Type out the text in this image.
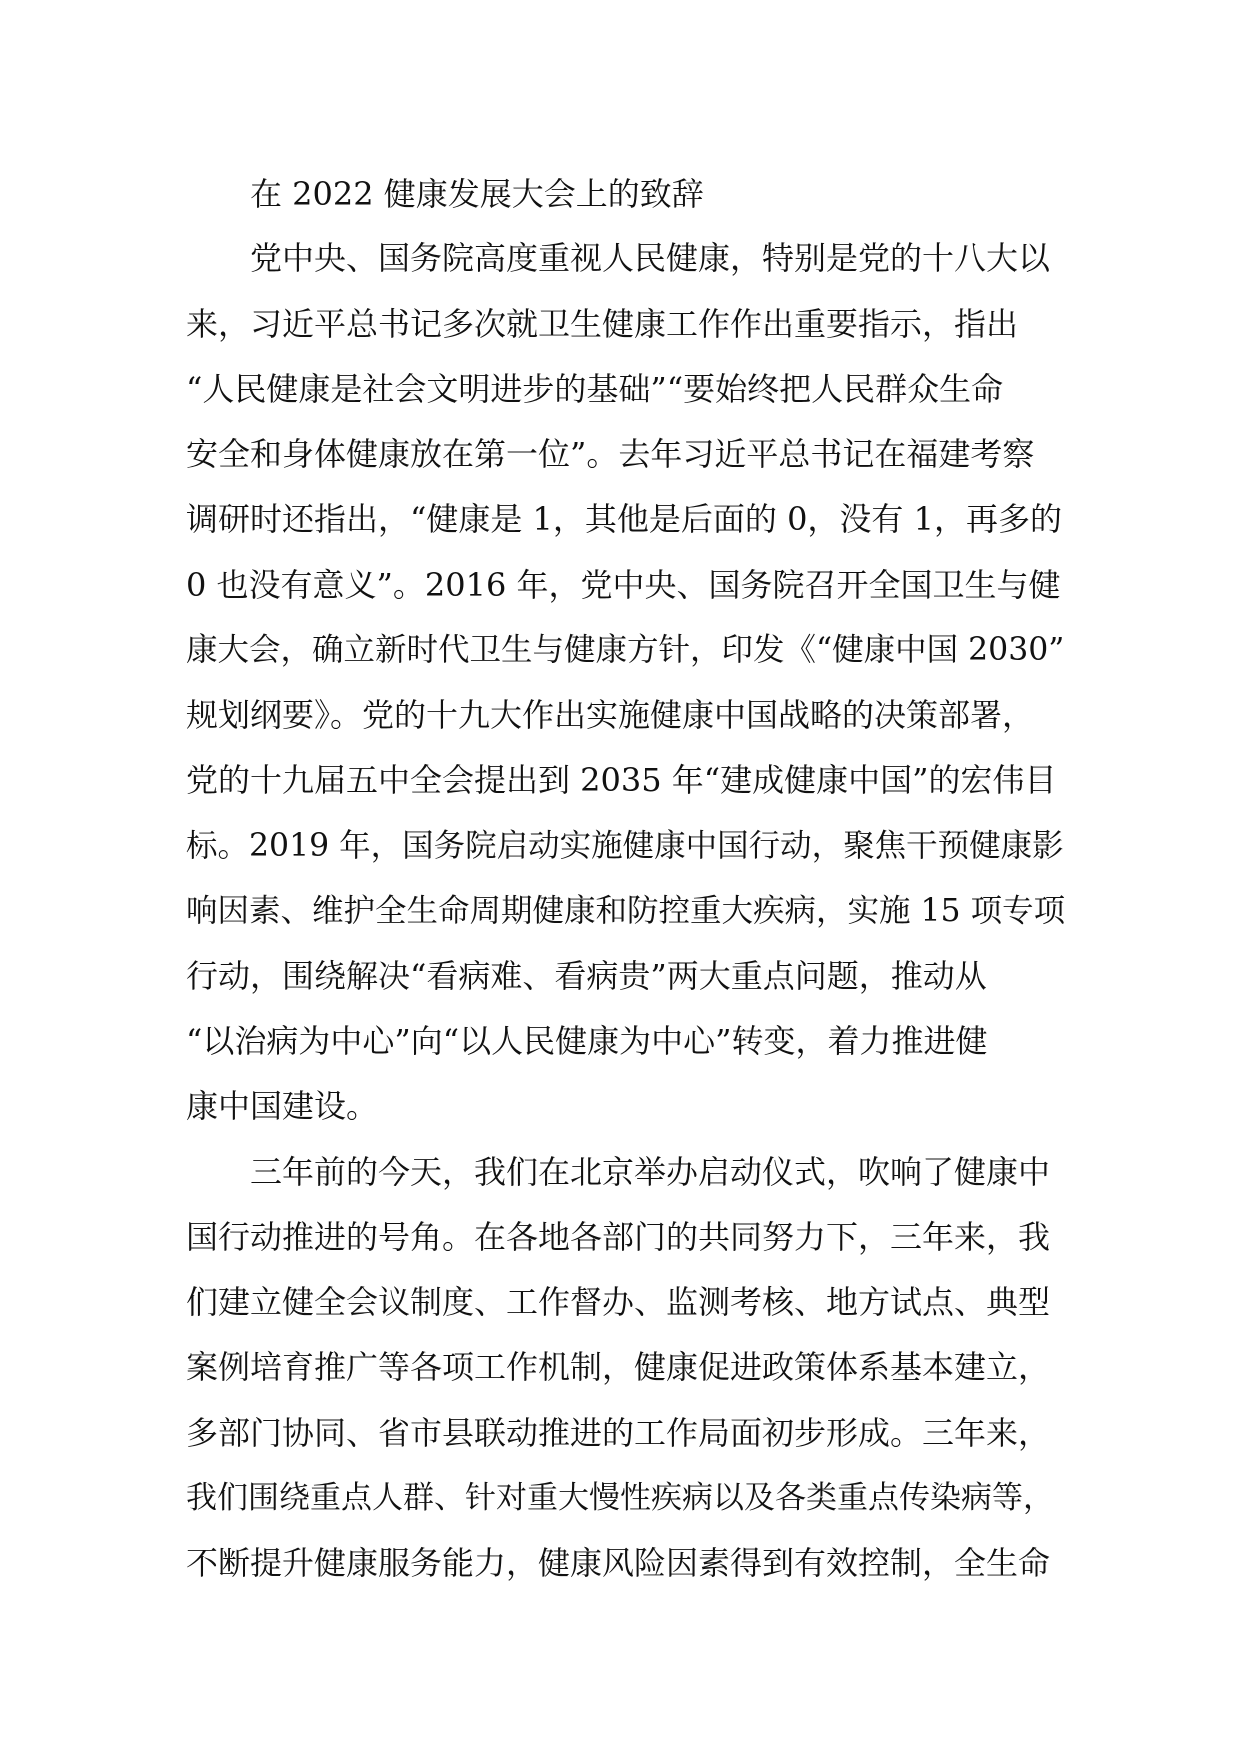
在 2022 健康发展大会上的致辞
党中央、国务院高度重视人民健康，特别是党的十八大以
来，习近平总书记多次就卫生健康工作作出重要指示，指出
“人民健康是社会文明进步的基础”“要始终把人民群众生命
安全和身体健康放在第一位”。去年习近平总书记在福建考察
调研时还指出，“健康是 1，其他是后面的 0，没有 1，再多的
0 也没有意义”。2016 年，党中央、国务院召开全国卫生与健
康大会，确立新时代卫生与健康方针，印发《“健康中国 2030”
规划纲要》。党的十九大作出实施健康中国战略的决策部署，
党的十九届五中全会提出到 2035 年“建成健康中国”的宏伟目
标。2019 年，国务院启动实施健康中国行动，聚焦干预健康影
响因素、维护全生命周期健康和防控重大疾病，实施 15 项专项
行动，围绕解决“看病难、看病贵”两大重点问题，推动从
“以治病为中心”向“以人民健康为中心”转变，着力推进健
康中国建设。
三年前的今天，我们在北京举办启动仪式，吹响了健康中
国行动推进的号角。在各地各部门的共同努力下，三年来，我
们建立健全会议制度、工作督办、监测考核、地方试点、典型
案例培育推广等各项工作机制，健康促进政策体系基本建立，
多部门协同、省市县联动推进的工作局面初步形成。三年来，
我们围绕重点人群、针对重大慢性疾病以及各类重点传染病等，
不断提升健康服务能力，健康风险因素得到有效控制，全生命
